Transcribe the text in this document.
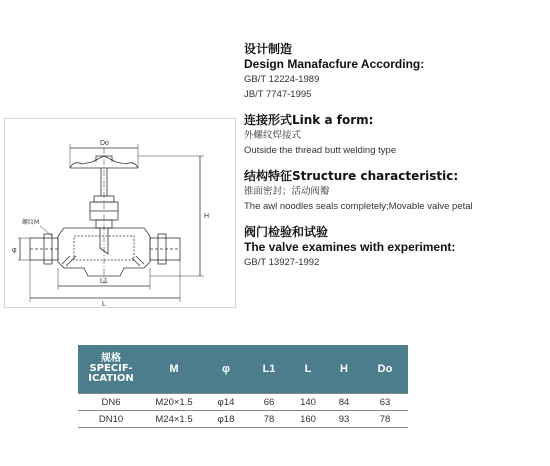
Do
H
L1
L
螺纹M
φ
设计制造
Design Manafacfure According:
GB/T 12224-1989
JB/T 7747-1995
连接形式Link a form:
外螺纹焊接式
Outside the thread butt welding type
结构特征Structure characteristic:
锥面密封；活动阀瓣
The awl noodles seals completely;Movable valve petal
阀门检验和试验
The valve examines with experiment:
GB/T 13927-1992
规格
SPECIF-
ICATION	M	φ	L1	L	H	Do
DN6	M20×1.5	φ14	66	140	84	63
DN10	M24×1.5	φ18	78	160	93	78
